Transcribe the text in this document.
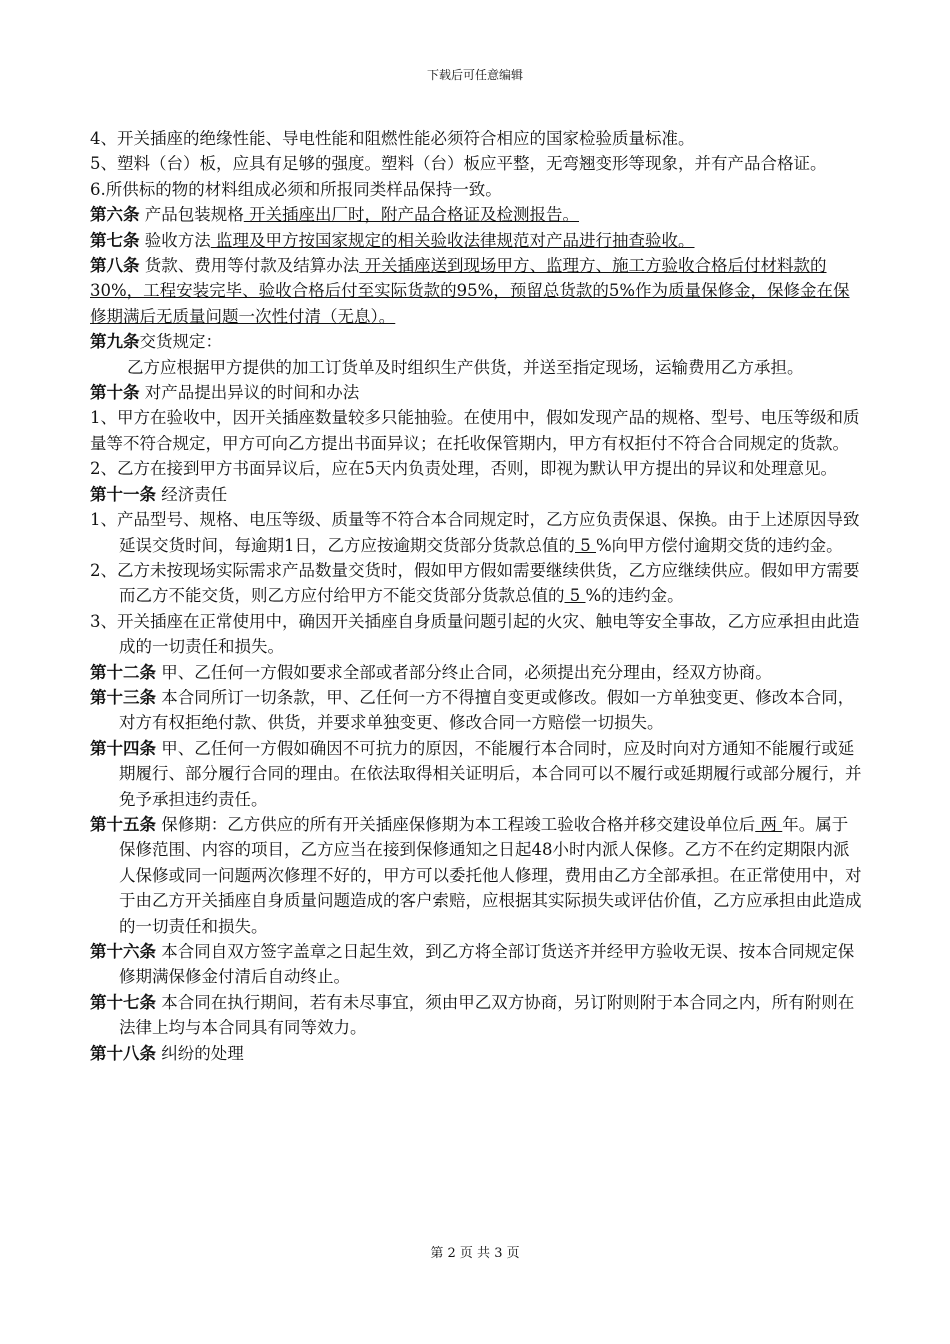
下载后可任意编辑

4、开关插座的绝缘性能、导电性能和阻燃性能必须符合相应的国家检验质量标准。

5、塑料（台）板，应具有足够的强度。塑料（台）板应平整，无弯翘变形等现象，并有产品合格证。

6.所供标的物的材料组成必须和所报同类样品保持一致。

第六条 产品包装规格 开关插座出厂时，附产品合格证及检测报告。

第七条 验收方法 监理及甲方按国家规定的相关验收法律规范对产品进行抽查验收。

第八条 货款、费用等付款及结算办法 开关插座送到现场甲方、监理方、施工方验收合格后付材料款的30%，工程安装完毕、验收合格后付至实际货款的95%，预留总货款的5%作为质量保修金，保修金在保修期满后无质量问题一次性付清（无息）。

第九条交货规定：

乙方应根据甲方提供的加工订货单及时组织生产供货，并送至指定现场，运输费用乙方承担。

第十条 对产品提出异议的时间和办法

1、甲方在验收中，因开关插座数量较多只能抽验。在使用中，假如发现产品的规格、型号、电压等级和质量等不符合规定，甲方可向乙方提出书面异议；在托收保管期内，甲方有权拒付不符合合同规定的货款。

2、乙方在接到甲方书面异议后，应在5天内负责处理，否则，即视为默认甲方提出的异议和处理意见。

第十一条 经济责任

1、产品型号、规格、电压等级、质量等不符合本合同规定时，乙方应负责保退、保换。由于上述原因导致延误交货时间，每逾期1日，乙方应按逾期交货部分货款总值的 5 %向甲方偿付逾期交货的违约金。

2、乙方未按现场实际需求产品数量交货时，假如甲方假如需要继续供货，乙方应继续供应。假如甲方需要而乙方不能交货，则乙方应付给甲方不能交货部分货款总值的 5 %的违约金。

3、开关插座在正常使用中，确因开关插座自身质量问题引起的火灾、触电等安全事故，乙方应承担由此造成的一切责任和损失。

第十二条 甲、乙任何一方假如要求全部或者部分终止合同，必须提出充分理由，经双方协商。

第十三条 本合同所订一切条款，甲、乙任何一方不得擅自变更或修改。假如一方单独变更、修改本合同，对方有权拒绝付款、供货，并要求单独变更、修改合同一方赔偿一切损失。

第十四条 甲、乙任何一方假如确因不可抗力的原因，不能履行本合同时，应及时向对方通知不能履行或延期履行、部分履行合同的理由。在依法取得相关证明后，本合同可以不履行或延期履行或部分履行，并免予承担违约责任。

第十五条 保修期：乙方供应的所有开关插座保修期为本工程竣工验收合格并移交建设单位后 两 年。属于保修范围、内容的项目，乙方应当在接到保修通知之日起48小时内派人保修。乙方不在约定期限内派人保修或同一问题两次修理不好的，甲方可以委托他人修理，费用由乙方全部承担。在正常使用中，对于由乙方开关插座自身质量问题造成的客户索赔，应根据其实际损失或评估价值，乙方应承担由此造成的一切责任和损失。

第十六条 本合同自双方签字盖章之日起生效，到乙方将全部订货送齐并经甲方验收无误、按本合同规定保修期满保修金付清后自动终止。

第十七条 本合同在执行期间，若有未尽事宜，须由甲乙双方协商，另订附则附于本合同之内，所有附则在法律上均与本合同具有同等效力。

第十八条 纠纷的处理

第 2 页 共 3 页
